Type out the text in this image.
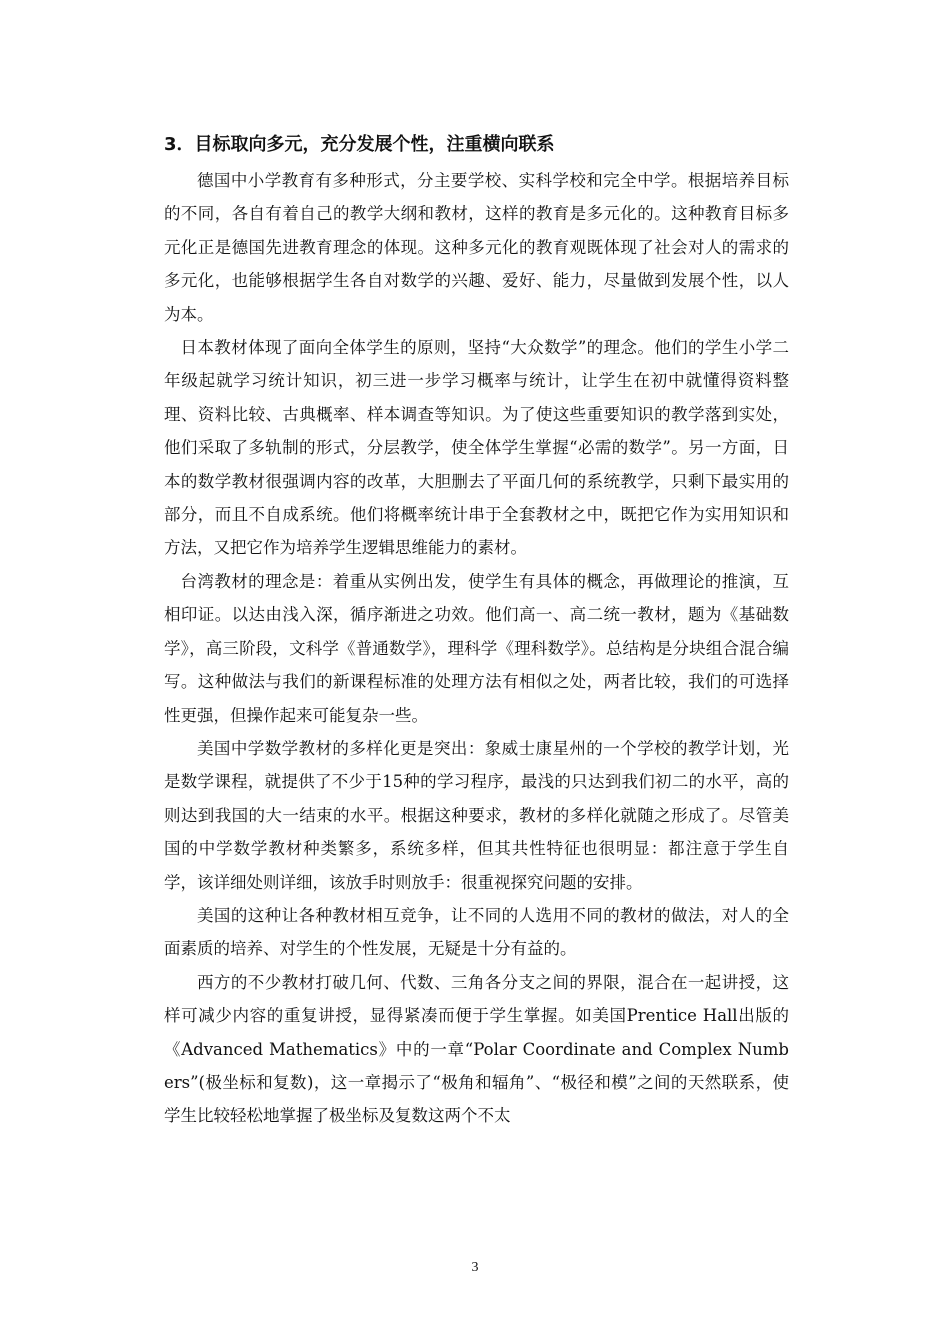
3．目标取向多元，充分发展个性，注重横向联系

德国中小学教育有多种形式，分主要学校、实科学校和完全中学。根据培养目标的不同，各自有着自己的教学大纲和教材，这样的教育是多元化的。这种教育目标多元化正是德国先进教育理念的体现。这种多元化的教育观既体现了社会对人的需求的多元化，也能够根据学生各自对数学的兴趣、爱好、能力，尽量做到发展个性，以人为本。

日本教材体现了面向全体学生的原则，坚持“大众数学”的理念。他们的学生小学二年级起就学习统计知识，初三进一步学习概率与统计，让学生在初中就懂得资料整理、资料比较、古典概率、样本调查等知识。为了使这些重要知识的教学落到实处，他们采取了多轨制的形式，分层教学，使全体学生掌握“必需的数学”。另一方面，日本的数学教材很强调内容的改革，大胆删去了平面几何的系统教学，只剩下最实用的部分，而且不自成系统。他们将概率统计串于全套教材之中，既把它作为实用知识和方法，又把它作为培养学生逻辑思维能力的素材。

台湾教材的理念是：着重从实例出发，使学生有具体的概念，再做理论的推演，互相印证。以达由浅入深，循序渐进之功效。他们高一、高二统一教材，题为《基础数学》，高三阶段，文科学《普通数学》，理科学《理科数学》。总结构是分块组合混合编写。这种做法与我们的新课程标准的处理方法有相似之处，两者比较，我们的可选择性更强，但操作起来可能复杂一些。

美国中学数学教材的多样化更是突出：象威士康星州的一个学校的教学计划，光是数学课程，就提供了不少于15种的学习程序，最浅的只达到我们初二的水平，高的则达到我国的大一结束的水平。根据这种要求，教材的多样化就随之形成了。尽管美国的中学数学教材种类繁多，系统多样，但其共性特征也很明显：都注意于学生自学，该详细处则详细，该放手时则放手：很重视探究问题的安排。

美国的这种让各种教材相互竞争，让不同的人选用不同的教材的做法，对人的全面素质的培养、对学生的个性发展，无疑是十分有益的。

西方的不少教材打破几何、代数、三角各分支之间的界限，混合在一起讲授，这样可减少内容的重复讲授，显得紧凑而便于学生掌握。如美国Prentice Hall出版的《Advanced Mathematics》中的一章“Polar Coordinate and Complex Numbers”(极坐标和复数)，这一章揭示了“极角和辐角”、“极径和模”之间的天然联系，使学生比较轻松地掌握了极坐标及复数这两个不太

3
